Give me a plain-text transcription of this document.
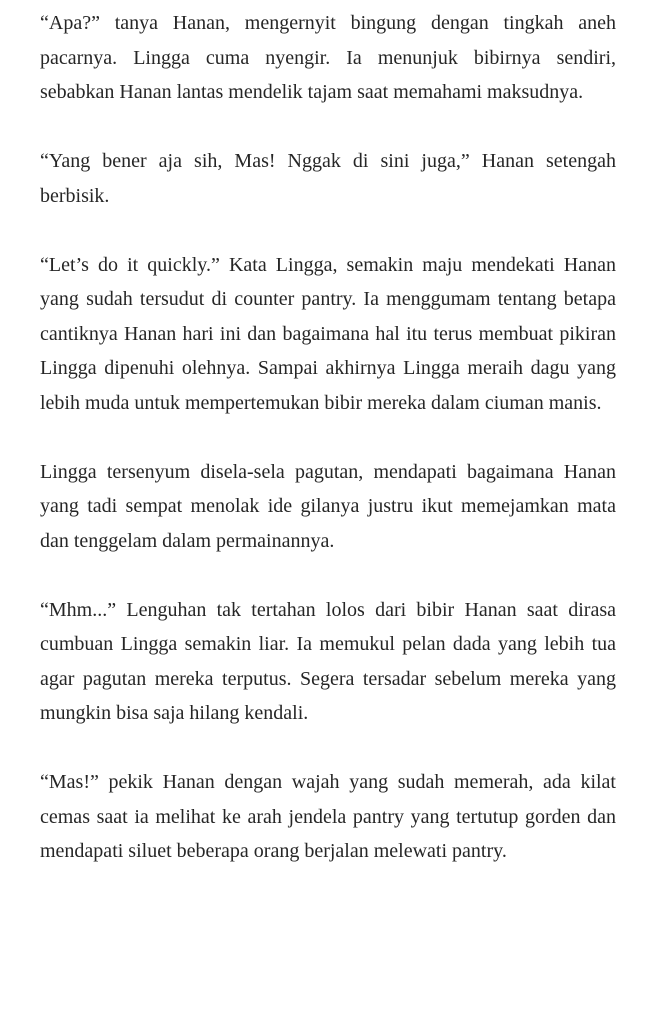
“Apa?” tanya Hanan, mengernyit bingung dengan tingkah aneh pacarnya. Lingga cuma nyengir. Ia menunjuk bibirnya sendiri, sebabkan Hanan lantas mendelik tajam saat memahami maksudnya.

“Yang bener aja sih, Mas! Nggak di sini juga,” Hanan setengah berbisik.

“Let’s do it quickly.” Kata Lingga, semakin maju mendekati Hanan yang sudah tersudut di counter pantry. Ia menggumam tentang betapa cantiknya Hanan hari ini dan bagaimana hal itu terus membuat pikiran Lingga dipenuhi olehnya. Sampai akhirnya Lingga meraih dagu yang lebih muda untuk mempertemukan bibir mereka dalam ciuman manis.

Lingga tersenyum disela-sela pagutan, mendapati bagaimana Hanan yang tadi sempat menolak ide gilanya justru ikut memejamkan mata dan tenggelam dalam permainannya.

“Mhm...” Lenguhan tak tertahan lolos dari bibir Hanan saat dirasa cumbuan Lingga semakin liar. Ia memukul pelan dada yang lebih tua agar pagutan mereka terputus. Segera tersadar sebelum mereka yang mungkin bisa saja hilang kendali.

“Mas!” pekik Hanan dengan wajah yang sudah memerah, ada kilat cemas saat ia melihat ke arah jendela pantry yang tertutup gorden dan mendapati siluet beberapa orang berjalan melewati pantry.
